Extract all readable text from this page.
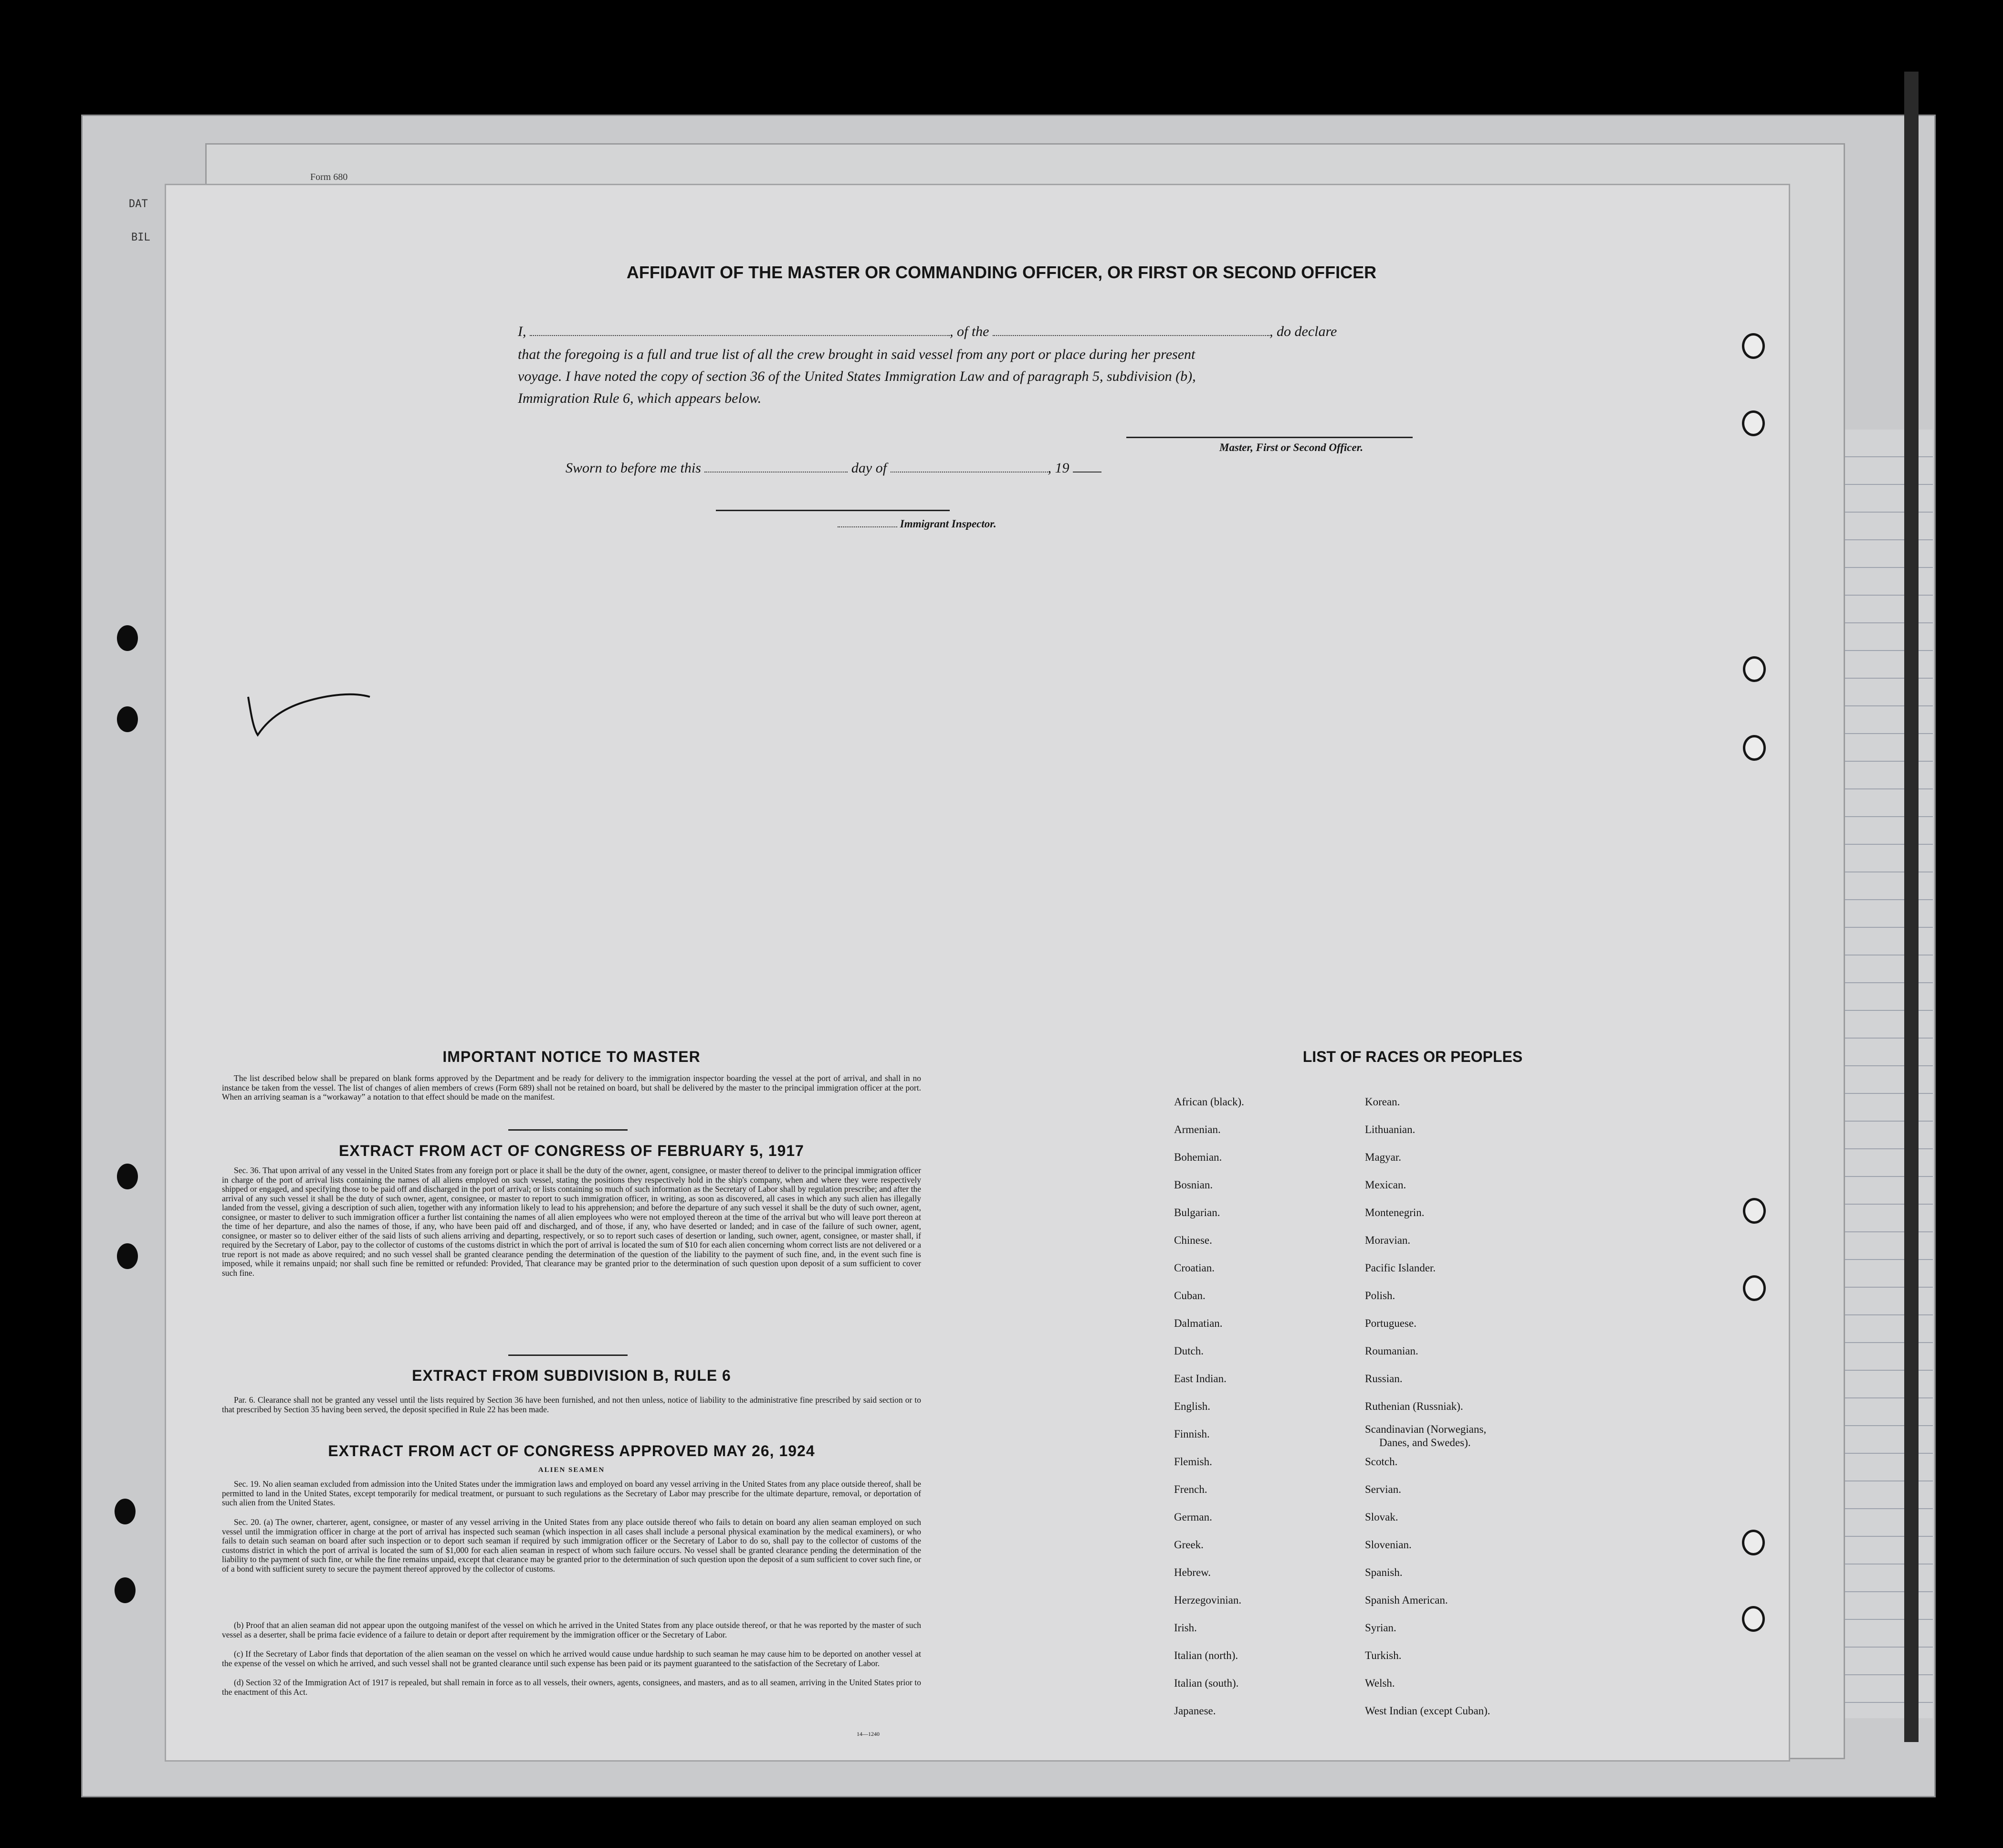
Form 680
DAT
BIL
AFFIDAVIT OF THE MASTER OR COMMANDING OFFICER, OR FIRST OR SECOND OFFICER
I,	, of the	, do declare
that the foregoing is a full and true list of all the crew brought in said vessel from any port or place during her present
voyage. I have noted the copy of section 36 of the United States Immigration Law and of paragraph 5, subdivision (b),
Immigration Rule 6, which appears below.
Master, First or Second Officer.
Sworn to before me this	day of	, 19
Immigrant Inspector.
IMPORTANT NOTICE TO MASTER

The list described below shall be prepared on blank forms approved by the Department and be ready for delivery to the immigration inspector boarding the vessel at the port of arrival, and shall in no instance be taken from the vessel. The list of changes of alien members of crews (Form 689) shall not be retained on board, but shall be delivered by the master to the principal immigration officer at the port. When an arriving seaman is a “workaway” a notation to that effect should be made on the manifest.

EXTRACT FROM ACT OF CONGRESS OF FEBRUARY 5, 1917

Sec. 36. That upon arrival of any vessel in the United States from any foreign port or place it shall be the duty of the owner, agent, consignee, or master thereof to deliver to the principal immigration officer in charge of the port of arrival lists containing the names of all aliens employed on such vessel, stating the positions they respectively hold in the ship's company, when and where they were respectively shipped or engaged, and specifying those to be paid off and discharged in the port of arrival; or lists containing so much of such information as the Secretary of Labor shall by regulation prescribe; and after the arrival of any such vessel it shall be the duty of such owner, agent, consignee, or master to report to such immigration officer, in writing, as soon as discovered, all cases in which any such alien has illegally landed from the vessel, giving a description of such alien, together with any information likely to lead to his apprehension; and before the departure of any such vessel it shall be the duty of such owner, agent, consignee, or master to deliver to such immigration officer a further list containing the names of all alien employees who were not employed thereon at the time of the arrival but who will leave port thereon at the time of her departure, and also the names of those, if any, who have been paid off and discharged, and of those, if any, who have deserted or landed; and in case of the failure of such owner, agent, consignee, or master so to deliver either of the said lists of such aliens arriving and departing, respectively, or so to report such cases of desertion or landing, such owner, agent, consignee, or master shall, if required by the Secretary of Labor, pay to the collector of customs of the customs district in which the port of arrival is located the sum of $10 for each alien concerning whom correct lists are not delivered or a true report is not made as above required; and no such vessel shall be granted clearance pending the determination of the question of the liability to the payment of such fine, and, in the event such fine is imposed, while it remains unpaid; nor shall such fine be remitted or refunded: Provided, That clearance may be granted prior to the determination of such question upon deposit of a sum sufficient to cover such fine.

EXTRACT FROM SUBDIVISION B, RULE 6

Par. 6. Clearance shall not be granted any vessel until the lists required by Section 36 have been furnished, and not then unless, notice of liability to the administrative fine prescribed by said section or to that prescribed by Section 35 having been served, the deposit specified in Rule 22 has been made.

EXTRACT FROM ACT OF CONGRESS APPROVED MAY 26, 1924
ALIEN SEAMEN

Sec. 19. No alien seaman excluded from admission into the United States under the immigration laws and employed on board any vessel arriving in the United States from any place outside thereof, shall be permitted to land in the United States, except temporarily for medical treatment, or pursuant to such regulations as the Secretary of Labor may prescribe for the ultimate departure, removal, or deportation of such alien from the United States.

Sec. 20. (a) The owner, charterer, agent, consignee, or master of any vessel arriving in the United States from any place outside thereof who fails to detain on board any alien seaman employed on such vessel until the immigration officer in charge at the port of arrival has inspected such seaman (which inspection in all cases shall include a personal physical examination by the medical examiners), or who fails to detain such seaman on board after such inspection or to deport such seaman if required by such immigration officer or the Secretary of Labor to do so, shall pay to the collector of customs of the customs district in which the port of arrival is located the sum of $1,000 for each alien seaman in respect of whom such failure occurs. No vessel shall be granted clearance pending the determination of the liability to the payment of such fine, or while the fine remains unpaid, except that clearance may be granted prior to the determination of such question upon the deposit of a sum sufficient to cover such fine, or of a bond with sufficient surety to secure the payment thereof approved by the collector of customs.

(b) Proof that an alien seaman did not appear upon the outgoing manifest of the vessel on which he arrived in the United States from any place outside thereof, or that he was reported by the master of such vessel as a deserter, shall be prima facie evidence of a failure to detain or deport after requirement by the immigration officer or the Secretary of Labor.

(c) If the Secretary of Labor finds that deportation of the alien seaman on the vessel on which he arrived would cause undue hardship to such seaman he may cause him to be deported on another vessel at the expense of the vessel on which he arrived, and such vessel shall not be granted clearance until such expense has been paid or its payment guaranteed to the satisfaction of the Secretary of Labor.

(d) Section 32 of the Immigration Act of 1917 is repealed, but shall remain in force as to all vessels, their owners, agents, consignees, and masters, and as to all seamen, arriving in the United States prior to the enactment of this Act.

14—1240
LIST OF RACES OR PEOPLES
African (black).
Armenian.
Bohemian.
Bosnian.
Bulgarian.
Chinese.
Croatian.
Cuban.
Dalmatian.
Dutch.
East Indian.
English.
Finnish.
Flemish.
French.
German.
Greek.
Hebrew.
Herzegovinian.
Irish.
Italian (north).
Italian (south).
Japanese.
Korean.
Lithuanian.
Magyar.
Mexican.
Montenegrin.
Moravian.
Pacific Islander.
Polish.
Portuguese.
Roumanian.
Russian.
Ruthenian (Russniak).
Scandinavian (Norwegians,
Danes, and Swedes).
Scotch.
Servian.
Slovak.
Slovenian.
Spanish.
Spanish American.
Syrian.
Turkish.
Welsh.
West Indian (except Cuban).
